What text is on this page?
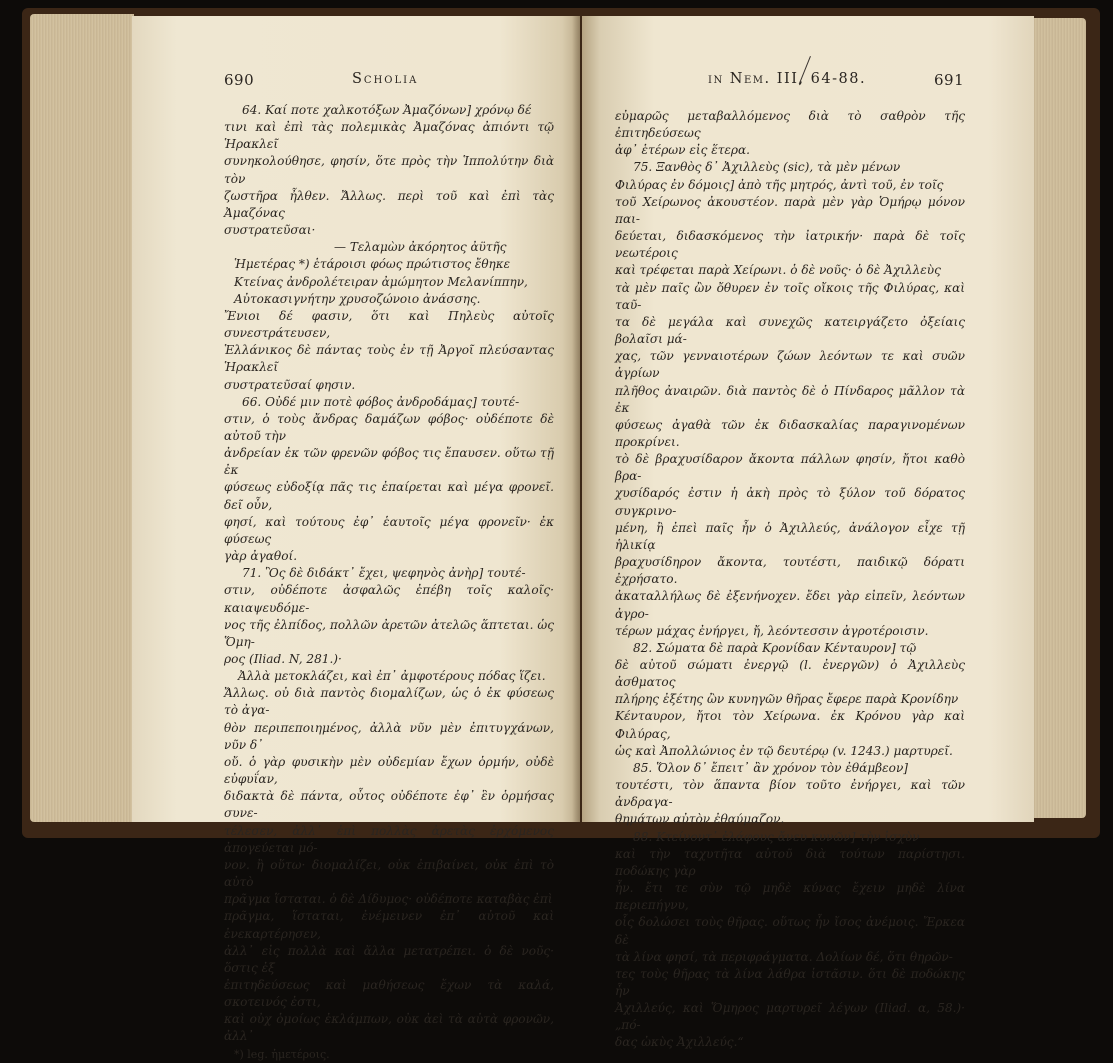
690	Scholia

64. Καί ποτε χαλκοτόξων Ἀμαζόνων] χρόνῳ δέ

τινι καὶ ἐπὶ τὰς πολεμικὰς Ἀμαζόνας ἀπιόντι τῷ Ἡρακλεῖ

συνηκολούθησε, φησίν, ὅτε πρὸς τὴν Ἱππολύτην διὰ τὸν

ζωστῆρα ἦλθεν. Ἄλλως. περὶ τοῦ καὶ ἐπὶ τὰς Ἀμαζόνας

συστρατεῦσαι·

— Τελαμὼν ἀκόρητος ἀϋτῆς

Ἡμετέρας *) ἑτάροισι φόως πρώτιστος ἔθηκε

Κτείνας ἀνδρολέτειραν ἀμώμητον Μελανίππην,

Αὐτοκασιγνήτην χρυσοζώνοιο ἀνάσσης.

Ἔνιοι δέ φασιν, ὅτι καὶ Πηλεὺς αὐτοῖς συνεστράτευσεν,

Ἑλλάνικος δὲ πάντας τοὺς ἐν τῇ Ἀργοῖ πλεύσαντας Ἡρακλεῖ

συστρατεῦσαί φησιν.

66. Οὐδέ μιν ποτὲ φόβος ἀνδροδάμας] τουτέ-

στιν, ὁ τοὺς ἄνδρας δαμάζων φόβος· οὐδέποτε δὲ αὐτοῦ τὴν

ἀνδρείαν ἐκ τῶν φρενῶν φόβος τις ἔπαυσεν. οὕτω τῇ ἐκ

φύσεως εὐδοξίᾳ πᾶς τις ἐπαίρεται καὶ μέγα φρονεῖ. δεῖ οὖν,

φησί, καὶ τούτους ἐφ᾽ ἑαυτοῖς μέγα φρονεῖν· ἐκ φύσεως

γὰρ ἀγαθοί.

71. Ὃς δὲ διδάκτ᾽ ἔχει, ψεφηνὸς ἀνὴρ] τουτέ-

στιν, οὐδέποτε ἀσφαλῶς ἐπέβη τοῖς καλοῖς· καιαψευδόμε-

νος τῆς ἐλπίδος, πολλῶν ἀρετῶν ἀτελῶς ἅπτεται. ὡς Ὅμη-

ρος (Iliad. N, 281.)·

Ἀλλὰ μετοκλάζει, καὶ ἐπ᾽ ἀμφοτέρους πόδας ἵζει.

Ἄλλως. οὐ διὰ παντὸς διομαλίζων, ὡς ὁ ἐκ φύσεως τὸ ἀγα-

θὸν περιπεποιημένος, ἀλλὰ νῦν μὲν ἐπιτυγχάνων, νῦν δ᾽

οὔ. ὁ γὰρ φυσικὴν μὲν οὐδεμίαν ἔχων ὁρμήν, οὐδὲ εὐφυΐαν,

διδακτὰ δὲ πάντα, οὗτος οὐδέποτε ἐφ᾽ ἓν ὁρμήσας συνε-

τέλεσεν, ἀλλ᾽ ἐπὶ πολλὰς ἀρετὰς ἐρχόμενος ἀπογεύεται μό-

νον. ἢ οὕτω· διομαλίζει, οὐκ ἐπιβαίνει, οὐκ ἐπὶ τὸ αὐτὸ

πρᾶγμα ἵσταται. ὁ δὲ Δίδυμος· οὐδέποτε καταβὰς ἐπὶ

πρᾶγμα, ἵσταται, ἐνέμεινεν ἐπ᾽ αὐτοῦ καὶ ἐνεκαρτέρησεν,

ἀλλ᾽ εἰς πολλὰ καὶ ἄλλα μετατρέπει. ὁ δὲ νοῦς· ὅστις ἐξ

ἐπιτηδεύσεως καὶ μαθήσεως ἔχων τὰ καλά, σκοτεινός ἐστι,

καὶ οὐχ ὁμοίως ἐκλάμπων, οὐκ ἀεὶ τὰ αὐτὰ φρονῶν, ἀλλ᾽

*) leg. ἡμετέροις.

in Nem. III, 64-88.	691

εὐμαρῶς μεταβαλλόμενος διὰ τὸ σαθρὸν τῆς ἐπιτηδεύσεως

ἀφ᾽ ἑτέρων εἰς ἕτερα.

75. Ξανθὸς δ᾽ Ἀχιλλεὺς (sic), τὰ μὲν μένων

Φιλύρας ἐν δόμοις] ἀπὸ τῆς μητρός, ἀντὶ τοῦ, ἐν τοῖς

τοῦ Χείρωνος ἀκουστέον. παρὰ μὲν γὰρ Ὁμήρῳ μόνον παι-

δεύεται, διδασκόμενος τὴν ἰατρικήν· παρὰ δὲ τοῖς νεωτέροις

καὶ τρέφεται παρὰ Χείρωνι. ὁ δὲ νοῦς· ὁ δὲ Ἀχιλλεὺς

τὰ μὲν παῖς ὢν ὄθυρεν ἐν τοῖς οἴκοις τῆς Φιλύρας, καὶ ταῦ-

τα δὲ μεγάλα καὶ συνεχῶς κατειργάζετο ὀξείαις βολαῖσι μά-

χας, τῶν γενναιοτέρων ζώων λεόντων τε καὶ συῶν ἀγρίων

πλῆθος ἀναιρῶν. διὰ παντὸς δὲ ὁ Πίνδαρος μᾶλλον τὰ ἐκ

φύσεως ἀγαθὰ τῶν ἐκ διδασκαλίας παραγινομένων προκρίνει.

τὸ δὲ βραχυσίδαρον ἄκοντα πάλλων φησίν, ἤτοι καθὸ βρα-

χυσίδαρός ἐστιν ἡ ἀκὴ πρὸς τὸ ξύλον τοῦ δόρατος συγκρινο-

μένη, ἢ ἐπεὶ παῖς ἦν ὁ Ἀχιλλεύς, ἀνάλογον εἶχε τῇ ἡλικίᾳ

βραχυσίδηρον ἄκοντα, τουτέστι, παιδικῷ δόρατι ἐχρήσατο.

ἀκαταλλήλως δὲ ἐξενήνοχεν. ἔδει γὰρ εἰπεῖν, λεόντων ἀγρο-

τέρων μάχας ἐνήργει, ἤ, λεόντεσσιν ἀγροτέροισιν.

82. Σώματα δὲ παρὰ Κρονίδαν Κένταυρον] τῷ

δὲ αὐτοῦ σώματι ἐνεργῷ (l. ἐνεργῶν) ὁ Ἀχιλλεὺς ἀσθματος

πλήρης ἐξέτης ὢν κυνηγῶν θῆρας ἔφερε παρὰ Κρονίδην

Κένταυρον, ἤτοι τὸν Χείρωνα. ἐκ Κρόνου γὰρ καὶ Φιλύρας,

ὡς καὶ Ἀπολλώνιος ἐν τῷ δευτέρῳ (v. 1243.) μαρτυρεῖ.

85. Ὅλον δ᾽ ἔπειτ᾽ ἂν χρόνον τὸν ἐθάμβεον]

τουτέστι, τὸν ἅπαντα βίον τοῦτο ἐνήργει, καὶ τῶν ἀνδραγα-

θημάτων αὐτὸν ἐθαύμαζον.

88. Κτείνοντ᾽ ἐλάφους ἄνευ κυνῶν] τὴν ἰσχὺν

καὶ τὴν ταχυτῆτα αὐτοῦ διὰ τούτων παρίστησι. ποδώκης γὰρ

ἦν. ἔτι τε σὺν τῷ μηδὲ κύνας ἔχειν μηδὲ λίνα περιεπήγνυ,

οἷς δολώσει τοὺς θῆρας. οὕτως ἦν ἴσος ἀνέμοις. Ἔρκεα δὲ

τὰ λίνα φησί, τὰ περιφράγματα. Δολίων δέ, ὅτι θηρῶν-

τες τοὺς θῆρας τὰ λίνα λάθρα ἱστᾶσιν. ὅτι δὲ ποδώκης ἦν

Ἀχιλλεύς, καὶ Ὅμηρος μαρτυρεῖ λέγων (Iliad. α, 58.)· „πό-

δας ὠκὺς Ἀχιλλεύς.“
